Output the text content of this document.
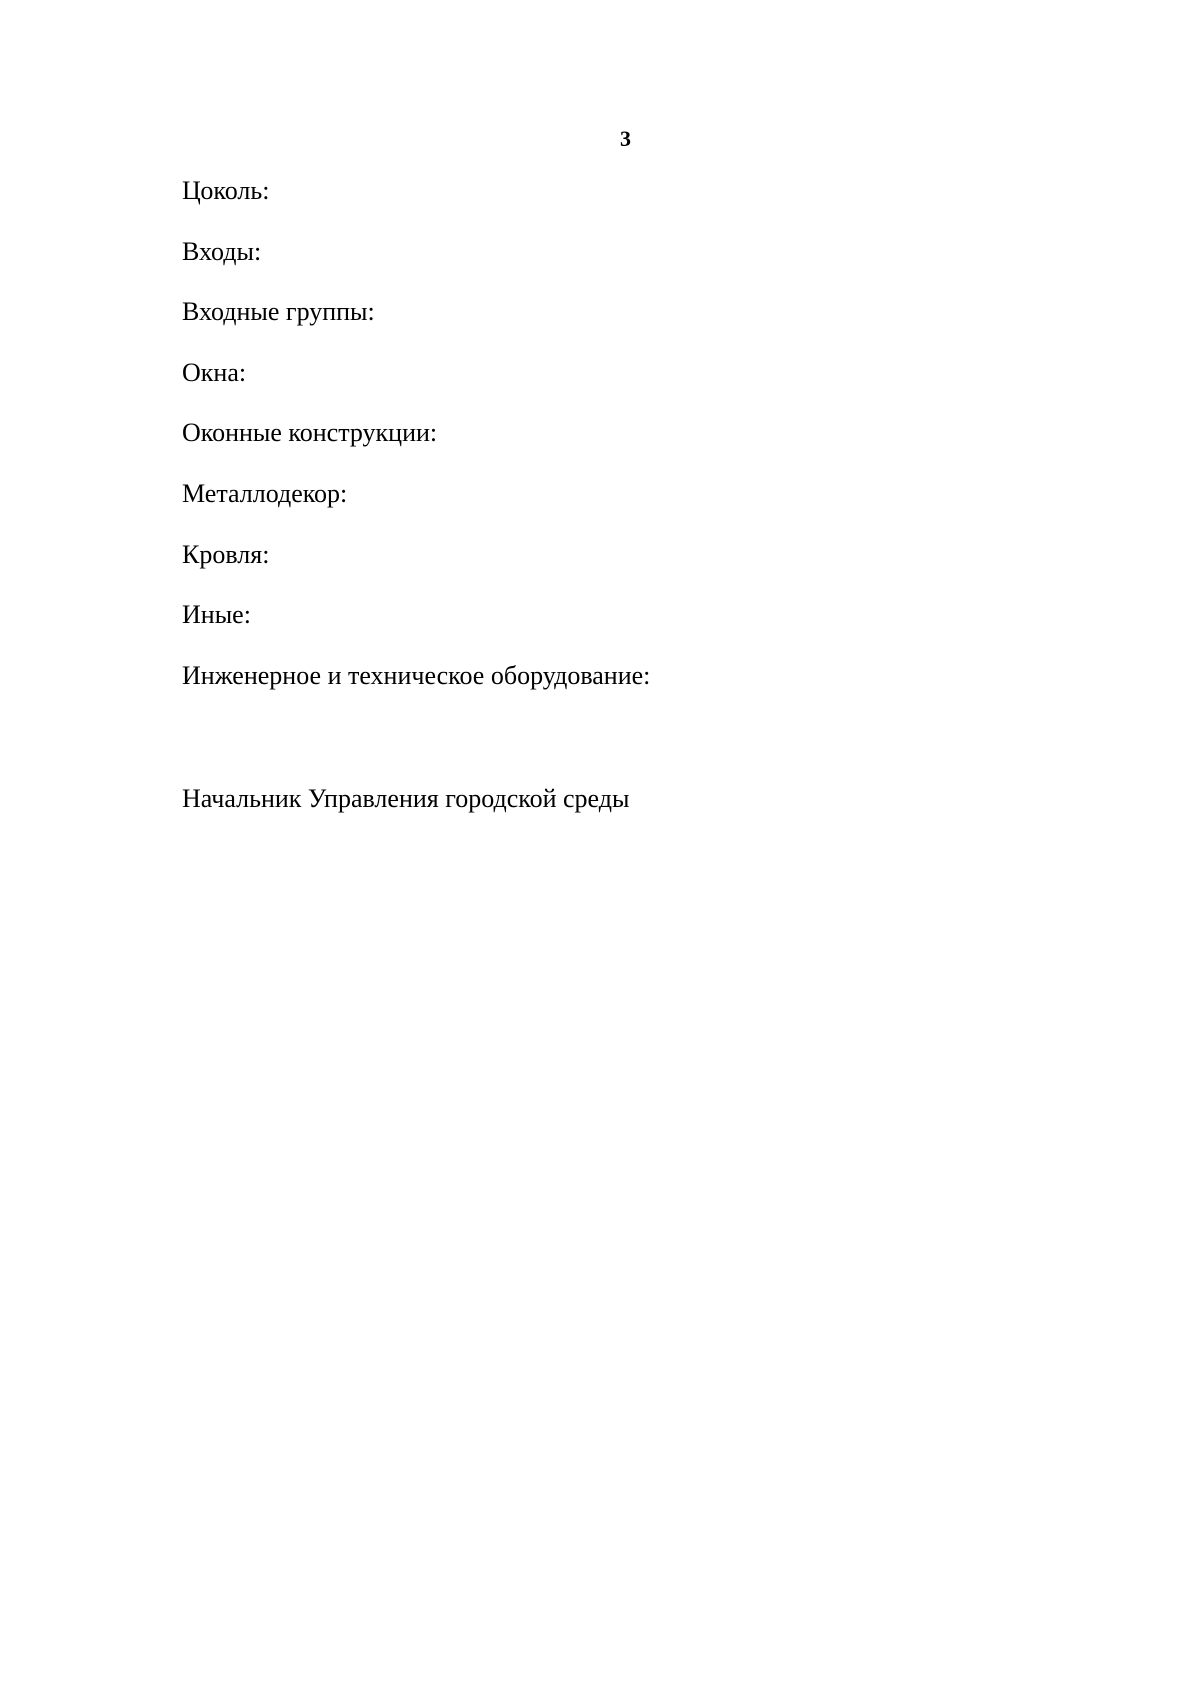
3
Цоколь:
Входы:
Входные группы:
Окна:
Оконные конструкции:
Металлодекор:
Кровля:
Иные:
Инженерное и техническое оборудование:
Начальник Управления городской среды
